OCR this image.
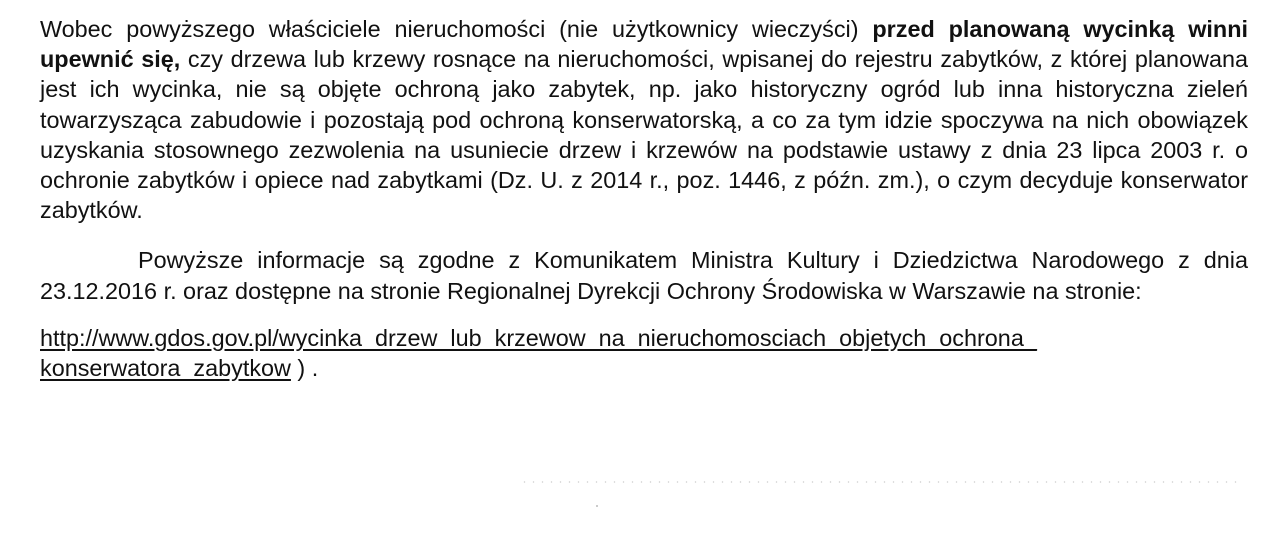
Wobec powyższego właściciele nieruchomości (nie użytkownicy wieczyści) przed planowaną wycinką winni upewnić się, czy drzewa lub krzewy rosnące na nieruchomości, wpisanej do rejestru zabytków, z której planowana jest ich wycinka, nie są objęte ochroną jako zabytek, np. jako historyczny ogród lub inna historyczna zieleń towarzysząca zabudowie i pozostają pod ochroną konserwatorską, a co za tym idzie spoczywa na nich obowiązek uzyskania stosownego zezwolenia na usuniecie drzew i krzewów na podstawie ustawy z dnia 23 lipca 2003 r. o ochronie zabytków i opiece nad zabytkami (Dz. U. z 2014 r., poz. 1446, z późn. zm.), o czym decyduje konserwator zabytków.

Powyższe informacje są zgodne z Komunikatem Ministra Kultury i Dziedzictwa Narodowego z dnia 23.12.2016 r. oraz dostępne na stronie Regionalnej Dyrekcji Ochrony Środowiska w Warszawie na stronie:

http://www.gdos.gov.pl/wycinka_drzew_lub_krzewow_na_nieruchomosciach_objetych_ochrona_
konserwatora_zabytkow ) .
